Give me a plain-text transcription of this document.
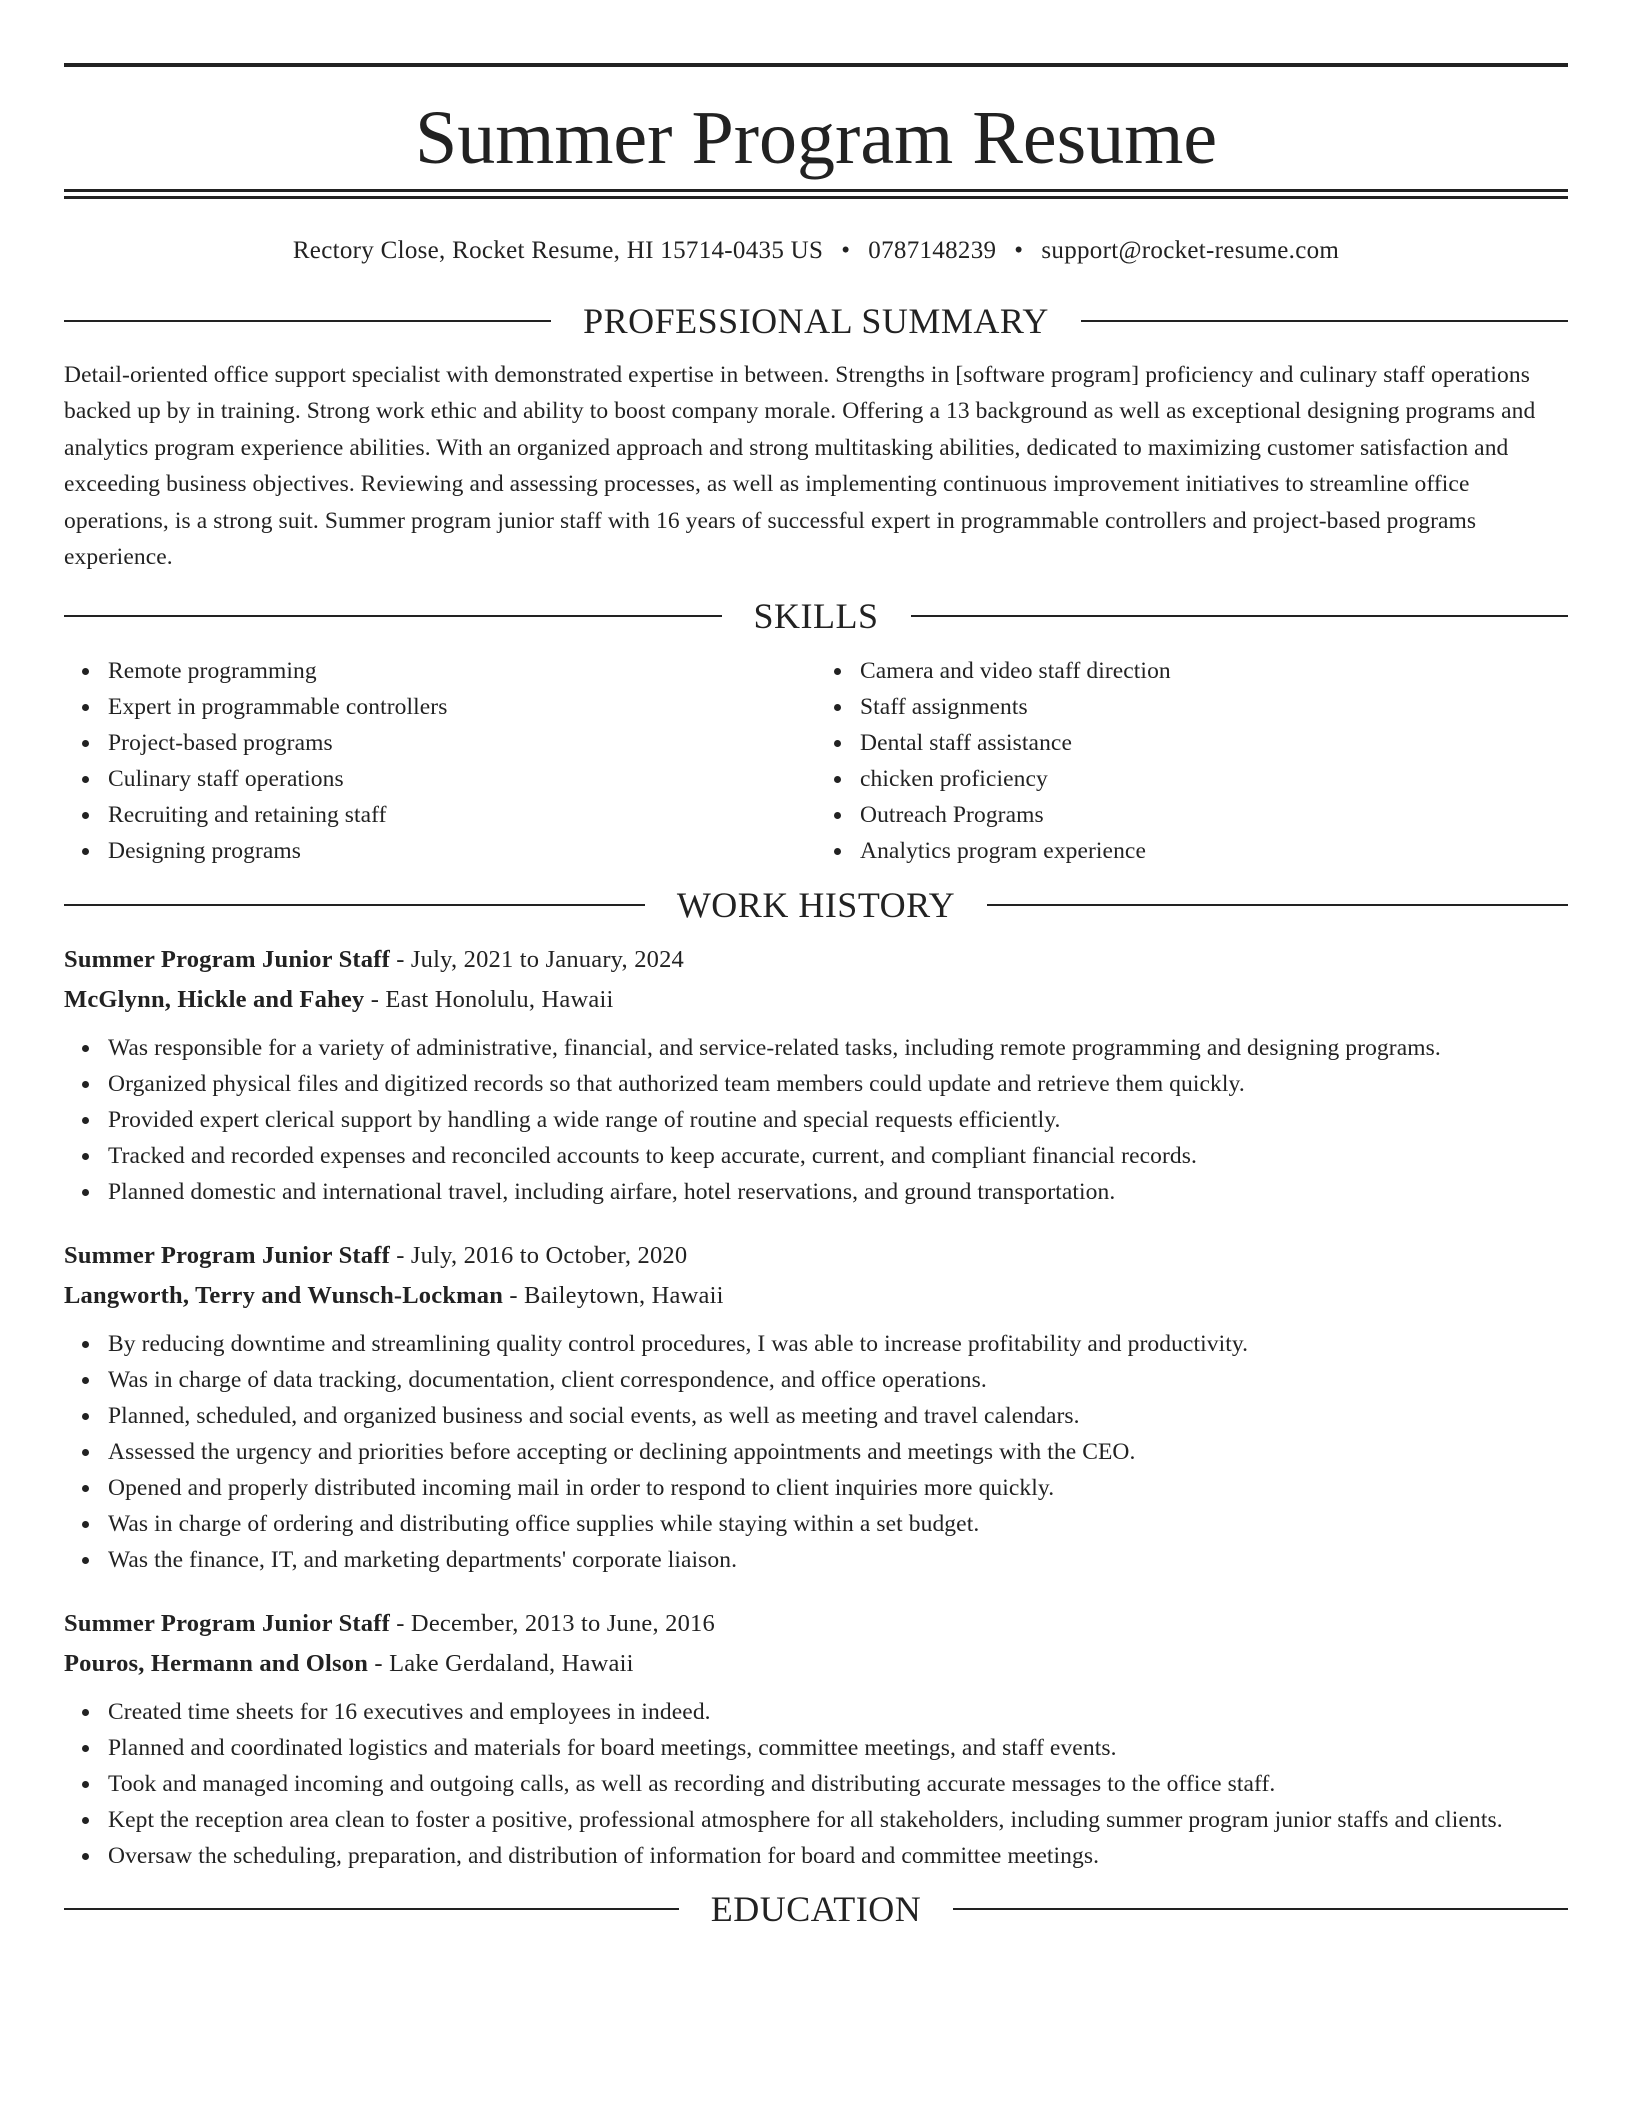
Summer Program Resume
Rectory Close, Rocket Resume, HI 15714-0435 US • 0787148239 • support@rocket-resume.com
PROFESSIONAL SUMMARY

Detail-oriented office support specialist with demonstrated expertise in between. Strengths in [software program] proficiency and culinary staff operations backed up by in training. Strong work ethic and ability to boost company morale. Offering a 13 background as well as exceptional designing programs and analytics program experience abilities. With an organized approach and strong multitasking abilities, dedicated to maximizing customer satisfaction and exceeding business objectives. Reviewing and assessing processes, as well as implementing continuous improvement initiatives to streamline office operations, is a strong suit. Summer program junior staff with 16 years of successful expert in programmable controllers and project-based programs experience.

SKILLS
Remote programming
Expert in programmable controllers
Project-based programs
Culinary staff operations
Recruiting and retaining staff
Designing programs
Camera and video staff direction
Staff assignments
Dental staff assistance
chicken proficiency
Outreach Programs
Analytics program experience
WORK HISTORY
Summer Program Junior Staff - July, 2021 to January, 2024
McGlynn, Hickle and Fahey - East Honolulu, Hawaii
Was responsible for a variety of administrative, financial, and service-related tasks, including remote programming and designing programs.
Organized physical files and digitized records so that authorized team members could update and retrieve them quickly.
Provided expert clerical support by handling a wide range of routine and special requests efficiently.
Tracked and recorded expenses and reconciled accounts to keep accurate, current, and compliant financial records.
Planned domestic and international travel, including airfare, hotel reservations, and ground transportation.
Summer Program Junior Staff - July, 2016 to October, 2020
Langworth, Terry and Wunsch-Lockman - Baileytown, Hawaii
By reducing downtime and streamlining quality control procedures, I was able to increase profitability and productivity.
Was in charge of data tracking, documentation, client correspondence, and office operations.
Planned, scheduled, and organized business and social events, as well as meeting and travel calendars.
Assessed the urgency and priorities before accepting or declining appointments and meetings with the CEO.
Opened and properly distributed incoming mail in order to respond to client inquiries more quickly.
Was in charge of ordering and distributing office supplies while staying within a set budget.
Was the finance, IT, and marketing departments' corporate liaison.
Summer Program Junior Staff - December, 2013 to June, 2016
Pouros, Hermann and Olson - Lake Gerdaland, Hawaii
Created time sheets for 16 executives and employees in indeed.
Planned and coordinated logistics and materials for board meetings, committee meetings, and staff events.
Took and managed incoming and outgoing calls, as well as recording and distributing accurate messages to the office staff.
Kept the reception area clean to foster a positive, professional atmosphere for all stakeholders, including summer program junior staffs and clients.
Oversaw the scheduling, preparation, and distribution of information for board and committee meetings.
EDUCATION
